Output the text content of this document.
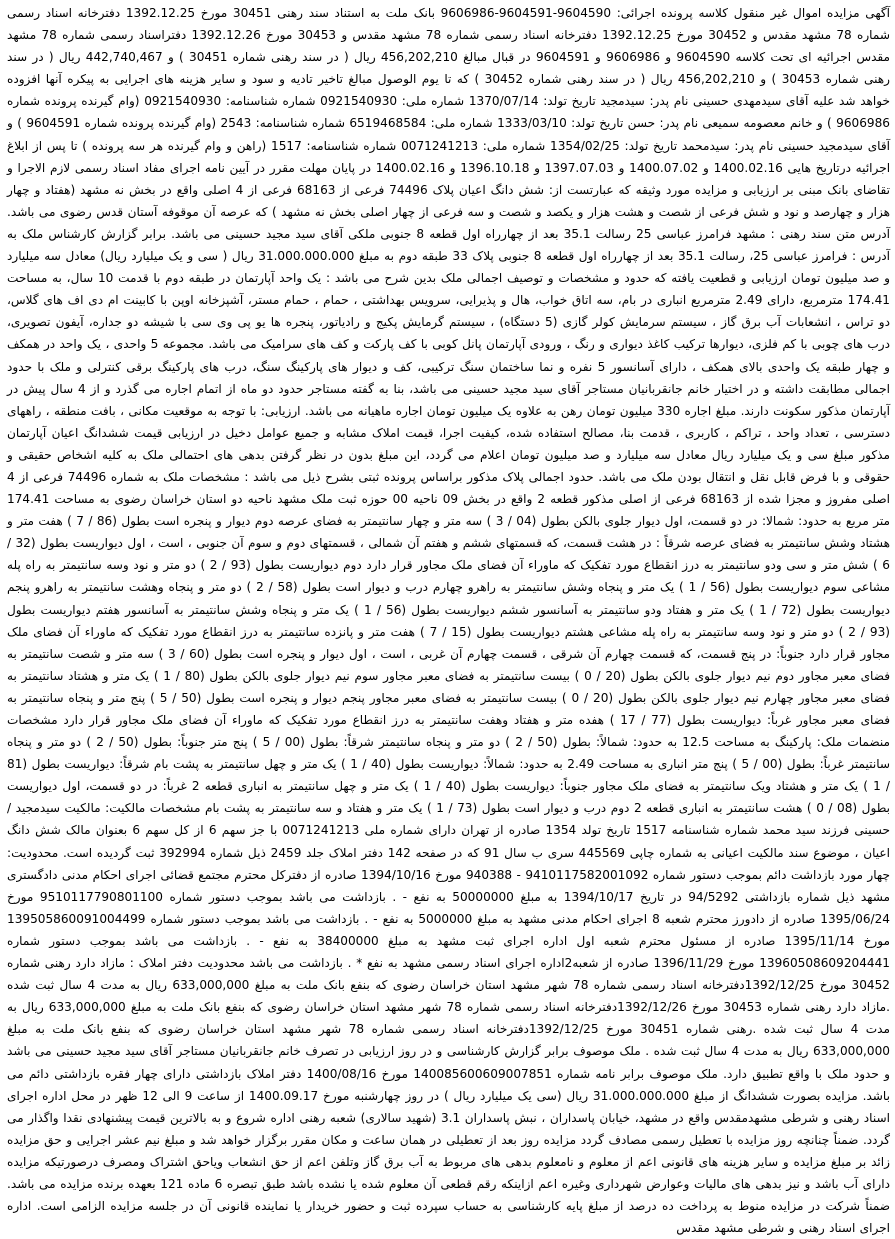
آگهی مزایده اموال غیر منقول کلاسه پرونده اجرائی: 9604590-9604591-9606986 بانک ملت به استناد سند رهنی 30451 مورخ 1392.12.25 دفترخانه اسناد رسمی شماره 78 مشهد مقدس و 30452 مورخ 1392.12.25 دفترخانه اسناد رسمی شماره 78 مشهد مقدس و 30453 مورخ 1392.12.26 دفتراسناد رسمی شماره 78 مشهد مقدس اجرائیه ای تحت کلاسه 9604590 و 9606986 و 9604591 در قبال مبالغ 456,202,210 ریال ( در سند رهنی شماره 30451 ) و 442,740,467 ریال ( در سند رهنی شماره 30453 ) و 456,202,210 ریال ( در سند رهنی شماره 30452 ) که تا یوم الوصول مبالغ تاخیر تادیه و سود و سایر هزینه های اجرایی به پیکره آنها افزوده خواهد شد علیه آقای سیدمهدی حسینی نام پدر: سیدمجید تاریخ تولد: 1370/07/14 شماره ملی: 0921540930 شماره شناسنامه: 0921540930 (وام گیرنده پرونده شماره 9606986 ) و خانم معصومه سمیعی نام پدر: حسن تاریخ تولد: 1333/03/10 شماره ملی: 6519468584 شماره شناسنامه: 2543 (وام گیرنده پرونده شماره 9604591 ) و آقای سیدمجید حسینی نام پدر: سیدمحمد تاریخ تولد: 1354/02/25 شماره ملی: 0071241213 شماره شناسنامه: 1517 (راهن و وام گیرنده هر سه پرونده ) تا پس از ابلاغ اجرائیه درتاریخ هایی 1400.02.16 و 1400.07.02 و 1397.07.03 و 1396.10.18 و 1400.02.16 در پایان مهلت مقرر در آیین نامه اجرای مفاد اسناد رسمی لازم الاجرا و تقاضای بانک مبنی بر ارزیابی و مزایده مورد وثیقه که عبارتست از: شش دانگ اعیان پلاک 74496 فرعی از 68163 فرعی از 4 اصلی واقع در بخش نه مشهد (هفتاد و چهار هزار و چهارصد و نود و شش فرعی از شصت و هشت هزار و یکصد و شصت و سه فرعی از چهار اصلی بخش نه مشهد ) که عرصه آن موقوفه آستان قدس رضوی می باشد. آدرس متن سند رهنی : مشهد فرامرز عباسی 25 رسالت 35.1 بعد از چهارراه اول قطعه 8 جنوبی ملکی آقای سید مجید حسینی می باشد. برابر گزارش کارشناس ملک به آدرس : فرامرز عباسی 25، رسالت 35.1 بعد از چهارراه اول قطعه 8 جنوبی پلاک 33 طبقه دوم به مبلغ 31.000.000.000 ریال ( سی و یک میلیارد ریال) معادل سه میلیارد و صد میلیون تومان ارزیابی و قطعیت یافته که حدود و مشخصات و توصیف اجمالی ملک بدین شرح می باشد : یک واحد آپارتمان در طبقه دوم با قدمت 10 سال، به مساحت 174.41 مترمربع، دارای 2.49 مترمربع انباری در بام، سه اتاق خواب، هال و پذیرایی، سرویس بهداشتی ، حمام ، حمام مستر، آشپزخانه اوپن با کابینت ام دی اف های گلاس، دو تراس ، انشعابات آب برق گاز ، سیستم سرمایش کولر گازی (5 دستگاه) ، سیستم گرمایش پکیج و رادیاتور، پنجره ها یو پی وی سی با شیشه دو جداره، آیفون تصویری، درب های چوبی با کم فلزی، دیوارها ترکیب کاغذ دیواری و رنگ ، ورودی آپارتمان پانل کوبی با کف پارکت و کف های سرامیک می باشد. مجموعه 5 واحدی ، یک واحد در همکف و چهار طبقه یک واحدی بالای همکف ، دارای آسانسور 5 نفره و نما ساختمان سنگ ترکیبی، کف و دیوار های پارکینگ سنگ، درب های پارکینگ برقی کنترلی و ملک با حدود اجمالی مطابقت داشته و در اختیار خانم جانقربانیان مستاجر آقای سید مجید حسینی می باشد، بنا به گفته مستاجر حدود دو ماه از اتمام اجاره می گذرد و از 4 سال پیش در آپارتمان مذکور سکونت دارند. مبلغ اجاره 330 میلیون تومان رهن به علاوه یک میلیون تومان اجاره ماهیانه می باشد. ارزیابی: با توجه به موقعیت مکانی ، بافت منطقه ، راههای دسترسی ، تعداد واحد ، تراکم ، کاربری ، قدمت بنا، مصالح استفاده شده، کیفیت اجرا، قیمت املاک مشابه و جمیع عوامل دخیل در ارزیابی قیمت ششدانگ اعیان آپارتمان مذکور مبلغ سی و یک میلیارد ریال معادل سه میلیارد و صد میلیون تومان اعلام می گردد، این مبلغ بدون در نظر گرفتن بدهی های احتمالی ملک به کلیه اشخاص حقیقی و حقوقی و با فرض قابل نقل و انتقال بودن ملک می باشد. حدود اجمالی پلاک مذکور براساس پرونده ثبتی بشرح ذیل می باشد : مشخصات ملک به شماره 74496 فرعی از 4 اصلی مفروز و مجزا شده از 68163 فرعی از اصلی مذکور قطعه 2 واقع در بخش 09 ناحیه 00 حوزه ثبت ملک مشهد ناحیه دو استان خراسان رضوی به مساحت 174.41 متر مربع به حدود: شمالا: در دو قسمت، اول دیوار جلوی بالکن بطول (04 / 3 ) سه متر و چهار سانتیمتر به فضای عرصه دوم دیوار و پنجره است بطول (86 / 7 ) هفت متر و هشتاد وشش سانتیمتر به فضای عرصه شرقاً : در هشت قسمت، که قسمتهای ششم و هفتم آن شمالی ، قسمتهای دوم و سوم آن جنوبی ، است ، اول دیواریست بطول (32 / 6 ) شش متر و سی ودو سانتیمتر به درز انقطاع مورد تفکیک که ماوراء آن فضای ملک مجاور قرار دارد دوم دیواریست بطول (93 / 2 ) دو متر و نود وسه سانتیمتر به راه پله مشاعی سوم دیواریست بطول (56 / 1 ) یک متر و پنجاه وشش سانتیمتر به راهرو چهارم درب و دیوار است بطول (58 / 2 ) دو متر و پنجاه وهشت سانتیمتر به راهرو پنجم دیواریست بطول (72 / 1 ) یک متر و هفتاد ودو سانتیمتر به آسانسور ششم دیواریست بطول (56 / 1 ) یک متر و پنجاه وشش سانتیمتر به آسانسور هفتم دیواریست بطول (93 / 2 ) دو متر و نود وسه سانتیمتر به راه پله مشاعی هشتم دیواریست بطول (15 / 7 ) هفت متر و پانزده سانتیمتر به درز انقطاع مورد تفکیک که ماوراء آن فضای ملک مجاور قرار دارد جنوباً: در پنج قسمت، که قسمت چهارم آن شرقی ، قسمت چهارم آن غربی ، است ، اول دیوار و پنجره است بطول (60 / 3 ) سه متر و شصت سانتیمتر به فضای معبر مجاور دوم نیم دیوار جلوی بالکن بطول (20 / 0 ) بیست سانتیمتر به فضای معبر مجاور سوم نیم دیوار جلوی بالکن بطول (80 / 1 ) یک متر و هشتاد سانتیمتر به فضای معبر مجاور چهارم نیم دیوار جلوی بالکن بطول (20 / 0 ) بیست سانتیمتر به فضای معبر مجاور پنجم دیوار و پنجره است بطول (50 / 5 ) پنج متر و پنجاه سانتیمتر به فضای معبر مجاور غرباً: دیواریست بطول (77 / 17 ) هفده متر و هفتاد وهفت سانتیمتر به درز انقطاع مورد تفکیک که ماوراء آن فضای ملک مجاور قرار دارد مشخصات منضمات ملک: پارکینگ به مساحت 12.5 به حدود: شمالاً: بطول (50 / 2 ) دو متر و پنجاه سانتیمتر شرقاً: بطول (00 / 5 ) پنج متر جنوباً: بطول (50 / 2 ) دو متر و پنجاه سانتیمتر غرباً: بطول (00 / 5 ) پنج متر انباری به مساحت 2.49 به حدود: شمالاً: دیواریست بطول (40 / 1 ) یک متر و چهل سانتیمتر به پشت بام شرقاً: دیواریست بطول (81 / 1 ) یک متر و هشتاد ویک سانتیمتر به فضای ملک مجاور جنوباً: دیواریست بطول (40 / 1 ) یک متر و چهل سانتیمتر به انباری قطعه 2 غرباً: در دو قسمت، اول دیواریست بطول (08 / 0 ) هشت سانتیمتر به انباری قطعه 2 دوم درب و دیوار است بطول (73 / 1 ) یک متر و هفتاد و سه سانتیمتر به پشت بام مشخصات مالکیت: مالکیت سیدمجید / حسینی فرزند سید محمد شماره شناسنامه 1517 تاریخ تولد 1354 صادره از تهران دارای شماره ملی 0071241213 با جز سهم 6 از کل سهم 6 بعنوان مالک شش دانگ اعیان ، موضوع سند مالکیت اعیانی به شماره چاپی 445569 سری ب سال 91 که در صفحه 142 دفتر املاک جلد 2459 ذیل شماره 392994 ثبت گردیده است. محدودیت: چهار مورد بازداشت دائم بموجب دستور شماره 9410117582001092 - 940388 مورخ 1394/10/16 صادره از دفترکل محترم مجتمع قضائی اجرای احکام مدنی دادگستری مشهد ذیل شماره بازداشتی 94/5292 در تاریخ 1394/10/17 به مبلغ 50000000 به نفع - . بازداشت می باشد بموجب دستور شماره 9510117790801100 مورخ 1395/06/24 صادره از دادورز محترم شعبه 8 اجرای احکام مدنی مشهد به مبلغ 5000000 به نفع - . بازداشت می باشد بموجب دستور شماره 139505860091004499 مورخ 1395/11/14 صادره از مسئول محترم شعبه اول اداره اجرای ثبت مشهد به مبلغ 38400000 به نفع - . بازداشت می باشد بموجب دستور شماره 13960508609204441 مورخ 1396/11/29 صادره از شعبه2اداره اجرای اسناد رسمی مشهد به نفع * . بازداشت می باشد محدودیت دفتر املاک : مازاد دارد رهنی شماره 30452 مورخ 1392/12/25دفترخانه اسناد رسمی شماره 78 شهر مشهد استان خراسان رضوی که بنفع بانک ملت به مبلغ 633,000,000 ریال به مدت 4 سال ثبت شده .مازاد دارد رهنی شماره 30453 مورخ 1392/12/26دفترخانه اسناد رسمی شماره 78 شهر مشهد استان خراسان رضوی که بنفع بانک ملت به مبلغ 633,000,000 ریال به مدت 4 سال ثبت شده .رهنی شماره 30451 مورخ 1392/12/25دفترخانه اسناد رسمی شماره 78 شهر مشهد استان خراسان رضوی که بنفع بانک ملت به مبلغ 633,000,000 ریال به مدت 4 سال ثبت شده . ملک موصوف برابر گزارش کارشناسی و در روز ارزیابی در تصرف خانم جانقربانیان مستاجر آقای سید مجید حسینی می باشد و حدود ملک با واقع تطبیق دارد. ملک موصوف برابر نامه شماره 140085600609007851 مورخ 1400/08/16 دفتر املاک بازداشتی دارای چهار فقره بازداشتی دائم می باشد. مزایده بصورت ششدانگ از مبلغ 31.000.000.000 ریال (سی یک میلیارد ریال ) در روز چهارشنبه مورخ 1400.09.17 از ساعت 9 الی 12 ظهر در محل اداره اجرای اسناد رهنی و شرطی مشهدمقدس واقع در مشهد، خیابان پاسداران ، نبش پاسداران 3.1 (شهید سالاری) شعبه رهنی اداره شروع و به بالاترین قیمت پیشنهادی نقدا واگذار می گردد. ضمناً چنانچه روز مزایده با تعطیل رسمی مصادف گردد مزایده روز بعد از تعطیلی در همان ساعت و مکان مقرر برگزار خواهد شد و مبلغ نیم عشر اجرایی و حق مزایده زائد بر مبلغ مزایده و سایر هزینه های قانونی اعم از معلوم و نامعلوم بدهی های مربوط به آب برق گاز وتلفن اعم از حق انشعاب ویاحق اشتراک ومصرف درصورتیکه مزایده دارای آب باشد و نیز بدهی های مالیات وعوارض شهرداری وغیره اعم ازاینکه رقم قطعی آن معلوم شده یا نشده باشد طبق تبصره 6 ماده 121 بعهده برنده مزایده می باشد. ضمناً شرکت در مزایده منوط به پرداخت ده درصد از مبلغ پایه کارشناسی به حساب سپرده ثبت و حضور خریدار یا نماینده قانونی آن در جلسه مزایده الزامی است. اداره اجرای اسناد رهنی و شرطی مشهد مقدس
